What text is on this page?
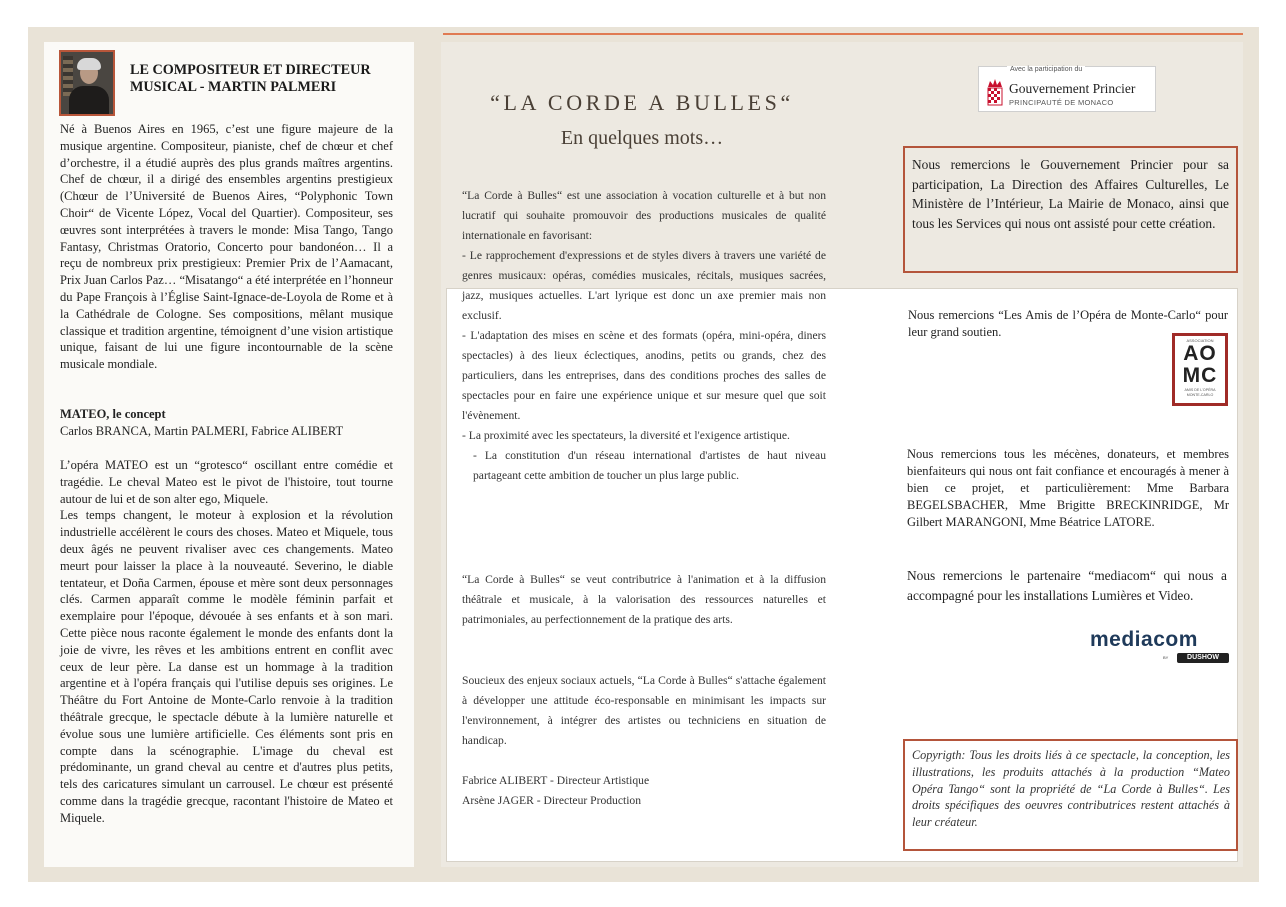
LE COMPOSITEUR ET DIRECTEUR MUSICAL - MARTIN PALMERI
Né à Buenos Aires en 1965, c’est une figure majeure de la musique argentine. Compositeur, pianiste, chef de chœur et chef d’orchestre, il a étudié auprès des plus grands maîtres argentins. Chef de chœur, il a dirigé des ensembles argentins prestigieux (Chœur de l’Université de Buenos Aires, “Polyphonic Town Choir“ de Vicente López, Vocal del Quartier). Compositeur, ses œuvres sont interprétées à travers le monde: Misa Tango, Tango Fantasy, Christmas Oratorio, Concerto pour bandonéon… Il a reçu de nombreux prix prestigieux: Premier Prix de l’Aamacant, Prix Juan Carlos Paz… “Misatango“ a été interprétée en l’honneur du Pape François à l’Église Saint-Ignace-de-Loyola de Rome et à la Cathédrale de Cologne. Ses compositions, mêlant musique classique et tradition argentine, témoignent d’une vision artistique unique, faisant de lui une figure incontournable de la scène musicale mondiale.

MATEO, le concept

Carlos BRANCA, Martin PALMERI, Fabrice ALIBERT

L’opéra MATEO est un “grotesco“ oscillant entre comédie et tragédie. Le cheval Mateo est le pivot de l'histoire, tout tourne autour de lui et de son alter ego, Miquele.

Les temps changent, le moteur à explosion et la révolution industrielle accélèrent le cours des choses. Mateo et Miquele, tous deux âgés ne peuvent rivaliser avec ces changements. Mateo meurt pour laisser la place à la nouveauté. Severino, le diable tentateur, et Doña Carmen, épouse et mère sont deux personnages clés. Carmen apparaît comme le modèle féminin parfait et exemplaire pour l'époque, dévouée à ses enfants et à son mari. Cette pièce nous raconte également le monde des enfants dont la joie de vivre, les rêves et les ambitions entrent en conflit avec ceux de leur père. La danse est un hommage à la tradition argentine et à l'opéra français qui l'utilise depuis ses origines. Le Théâtre du Fort Antoine de Monte-Carlo renvoie à la tradition théâtrale grecque, le spectacle débute à la lumière naturelle et évolue sous une lumière artificielle. Ces éléments sont pris en compte dans la scénographie. L'image du cheval est prédominante, un grand cheval au centre et d'autres plus petits, tels des caricatures simulant un carrousel. Le chœur est présenté comme dans la tragédie grecque, racontant l'histoire de Mateo et Miquele.

“LA CORDE A BULLES“
En quelques mots…

“La Corde à Bulles“ est une association à vocation culturelle et à but non lucratif qui souhaite promouvoir des productions musicales de qualité internationale en favorisant:

- Le rapprochement d'expressions et de styles divers à travers une variété de genres musicaux: opéras, comédies musicales, récitals, musiques sacrées, jazz, musiques actuelles. L'art lyrique est donc un axe premier mais non exclusif.

- L'adaptation des mises en scène et des formats (opéra, mini-opéra, diners spectacles) à des lieux éclectiques, anodins, petits ou grands, chez des particuliers, dans les entreprises, dans des conditions proches des salles de spectacles pour en faire une expérience unique et sur mesure quel que soit l'évènement.

- La proximité avec les spectateurs, la diversité et l'exigence artistique.

- La constitution d'un réseau international d'artistes de haut niveau partageant cette ambition de toucher un plus large public.

“La Corde à Bulles“ se veut contributrice à l'animation et à la diffusion théâtrale et musicale, à la valorisation des ressources naturelles et patrimoniales, au perfectionnement de la pratique des arts.
Soucieux des enjeux sociaux actuels, “La Corde à Bulles“ s'attache également à développer une attitude éco-responsable en minimisant les impacts sur l'environnement, à intégrer des artistes ou techniciens en situation de handicap.

Fabrice ALIBERT - Directeur Artistique

Arsène JAGER - Directeur Production

Avec la participation du
Gouvernement Princier
PRINCIPAUTÉ DE MONACO
Nous remercions le Gouvernement Princier pour sa participation, La Direction des Affaires Culturelles, Le Ministère de l’Intérieur, La Mairie de Monaco, ainsi que tous les Services qui nous ont assisté pour cette création.
Nous remercions “Les Amis de l’Opéra de Monte-Carlo“ pour leur grand soutien.
ASSOCIATION
AO
MC
AMIS DE L'OPÉRA
MONTE-CARLO
Nous remercions tous les mécènes, donateurs, et membres bienfaiteurs qui nous ont fait confiance et encouragés à mener à bien ce projet, et particulièrement: Mme Barbara BEGELSBACHER, Mme Brigitte BRECKINRIDGE, Mr Gilbert MARANGONI, Mme Béatrice LATORE.
Nous remercions le partenaire “mediacom“ qui nous a accompagné pour les installations Lumières et Video.
mediacom
BY	DUSHOW
Copyrigth: Tous les droits liés à ce spectacle, la conception, les illustrations, les produits attachés à la production “Mateo Opéra Tango“ sont la propriété de “La Corde à Bulles“. Les droits spécifiques des oeuvres contributrices restent attachés à leur créateur.
